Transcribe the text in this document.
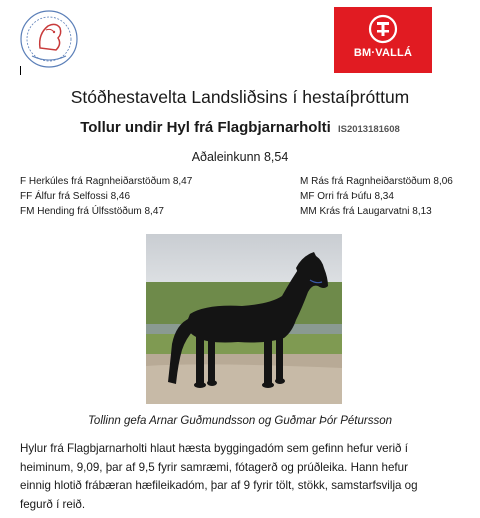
BM·VALLÁ
Stóðhestavelta Landsliðsins í hestaíþróttum
Tollur undir Hyl frá Flagbjarnarholti IS2013181608
Aðaleinkunn 8,54
F Herkúles frá Ragnheiðarstöðum 8,47
FF Álfur frá Selfossi 8,46
FM Hending frá Úlfsstöðum 8,47
M Rás frá Ragnheiðarstöðum 8,06
MF Orri frá Þúfu 8,34
MM Krás frá Laugarvatni 8,13
Tollinn gefa Arnar Guðmundsson og Guðmar Þór Pétursson
Hylur frá Flagbjarnarholti hlaut hæsta byggingadóm sem gefinn hefur verið í
heiminum, 9,09, þar af 9,5 fyrir samræmi, fótagerð og prúðleika. Hann hefur
einnig hlotið frábæran hæfileikadóm, þar af 9 fyrir tölt, stökk, samstarfsvilja og
fegurð í reið.
